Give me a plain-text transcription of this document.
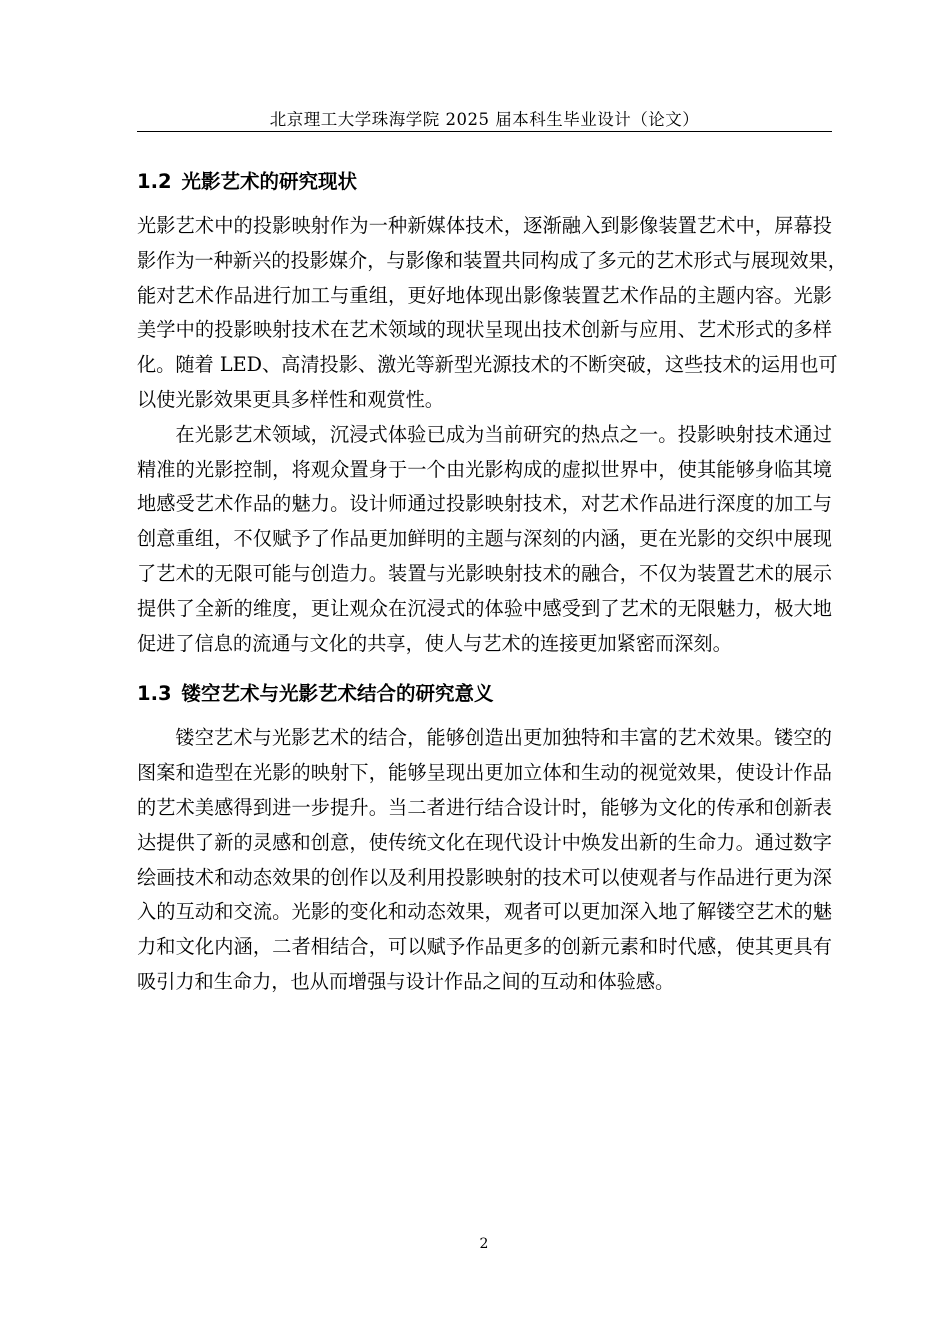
北京理工大学珠海学院 2025 届本科生毕业设计（论文）
1.2 光影艺术的研究现状
光影艺术中的投影映射作为一种新媒体技术，逐渐融入到影像装置艺术中，屏幕投
影作为一种新兴的投影媒介，与影像和装置共同构成了多元的艺术形式与展现效果，
能对艺术作品进行加工与重组，更好地体现出影像装置艺术作品的主题内容。光影
美学中的投影映射技术在艺术领域的现状呈现出技术创新与应用、艺术形式的多样
化。随着 LED、高清投影、激光等新型光源技术的不断突破，这些技术的运用也可
以使光影效果更具多样性和观赏性。
在光影艺术领域，沉浸式体验已成为当前研究的热点之一。投影映射技术通过
精准的光影控制，将观众置身于一个由光影构成的虚拟世界中，使其能够身临其境
地感受艺术作品的魅力。设计师通过投影映射技术，对艺术作品进行深度的加工与
创意重组，不仅赋予了作品更加鲜明的主题与深刻的内涵，更在光影的交织中展现
了艺术的无限可能与创造力。装置与光影映射技术的融合，不仅为装置艺术的展示
提供了全新的维度，更让观众在沉浸式的体验中感受到了艺术的无限魅力，极大地
促进了信息的流通与文化的共享，使人与艺术的连接更加紧密而深刻。
1.3 镂空艺术与光影艺术结合的研究意义
镂空艺术与光影艺术的结合，能够创造出更加独特和丰富的艺术效果。镂空的
图案和造型在光影的映射下，能够呈现出更加立体和生动的视觉效果，使设计作品
的艺术美感得到进一步提升。当二者进行结合设计时，能够为文化的传承和创新表
达提供了新的灵感和创意，使传统文化在现代设计中焕发出新的生命力。通过数字
绘画技术和动态效果的创作以及利用投影映射的技术可以使观者与作品进行更为深
入的互动和交流。光影的变化和动态效果，观者可以更加深入地了解镂空艺术的魅
力和文化内涵，二者相结合，可以赋予作品更多的创新元素和时代感，使其更具有
吸引力和生命力，也从而增强与设计作品之间的互动和体验感。
2
